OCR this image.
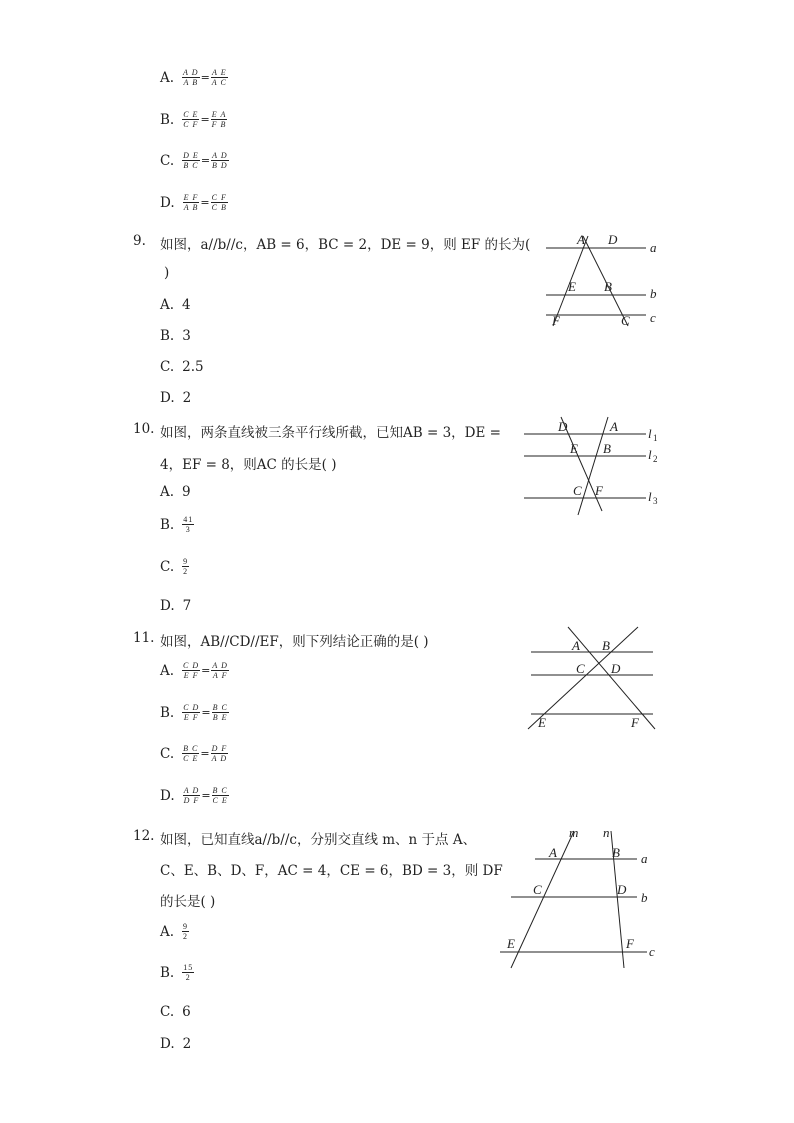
A. $\frac{\text{A D}}{\text{A B}} = \frac{\text{A E}}{\text{A C}}$
B. $\frac{\text{C E}}{\text{C F}} = \frac{\text{E A}}{\text{F B}}$
C. $\frac{\text{D E}}{\text{B C}} = \frac{\text{A D}}{\text{B D}}$
D. $\frac{\text{E F}}{\text{A B}} = \frac{\text{C F}}{\text{C B}}$
9. 如图，a//b//c，AB = 6，BC = 2，DE = 9，则 EF 的长为(
)
A. 4
B. 3
C. 2.5
D. 2
A D
a
E B	b
F	C c
10. 如图，两条直线被三条平行线所截，已知AB = 3，DE =
4，EF = 8，则AC 的长是( )
A. 9
B. $\frac{41}{3}$
C. $\frac{9}{2}$
D. 7
D	A l 1
E B	l 2
C F	l 3
11. 如图，AB//CD//EF，则下列结论正确的是( )
A. $\frac{\text{C D}}{\text{E F}} = \frac{\text{A D}}{\text{A F}}$
B. $\frac{\text{C D}}{\text{E F}} = \frac{\text{B C}}{\text{B E}}$
C. $\frac{\text{B C}}{\text{C E}} = \frac{\text{D F}}{\text{A D}}$
D. $\frac{\text{A D}}{\text{D F}} = \frac{\text{B C}}{\text{C E}}$
A B
C D
E	F
12. 如图，已知直线a//b//c，分别交直线 m、n 于点 A、
C、E、B、D、F，AC = 4，CE = 6，BD = 3，则 DF
的长是( )
A. $\frac{9}{2}$
B. $\frac{15}{2}$
C. 6
D. 2
m n
A	B a
C	D
b
E	F
c
